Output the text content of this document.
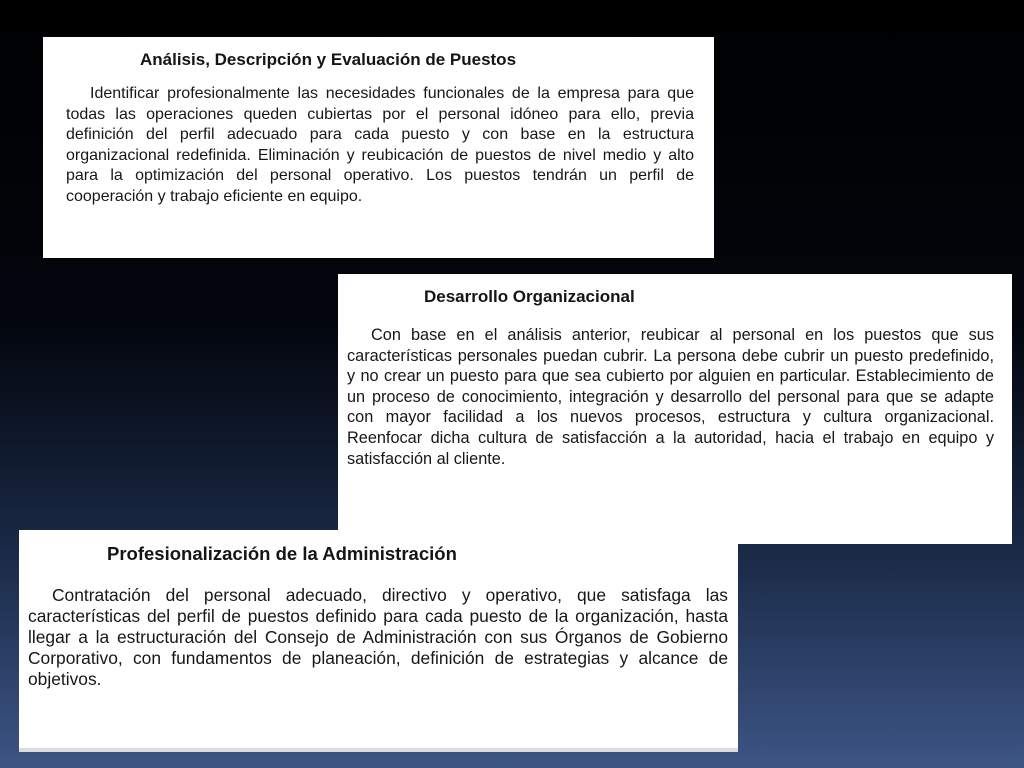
Análisis, Descripción y Evaluación de Puestos

Identificar profesionalmente las necesidades funcionales de la empresa para que todas las operaciones queden cubiertas por el personal idóneo para ello, previa definición del perfil adecuado para cada puesto y con base en la estructura organizacional redefinida. Eliminación y reubicación de puestos de nivel medio y alto para la optimización del personal operativo. Los puestos tendrán un perfil de cooperación y trabajo eficiente en equipo.

Desarrollo Organizacional

Con base en el análisis anterior, reubicar al personal en los puestos que sus características personales puedan cubrir. La persona debe cubrir un puesto predefinido, y no crear un puesto para que sea cubierto por alguien en particular. Establecimiento de un proceso de conocimiento, integración y desarrollo del personal para que se adapte con mayor facilidad a los nuevos procesos, estructura y cultura organizacional. Reenfocar dicha cultura de satisfacción a la autoridad, hacia el trabajo en equipo y satisfacción al cliente.

Profesionalización de la Administración

Contratación del personal adecuado, directivo y operativo, que satisfaga las características del perfil de puestos definido para cada puesto de la organización, hasta llegar a la estructuración del Consejo de Administración con sus Órganos de Gobierno Corporativo, con fundamentos de planeación, definición de estrategias y alcance de objetivos.
